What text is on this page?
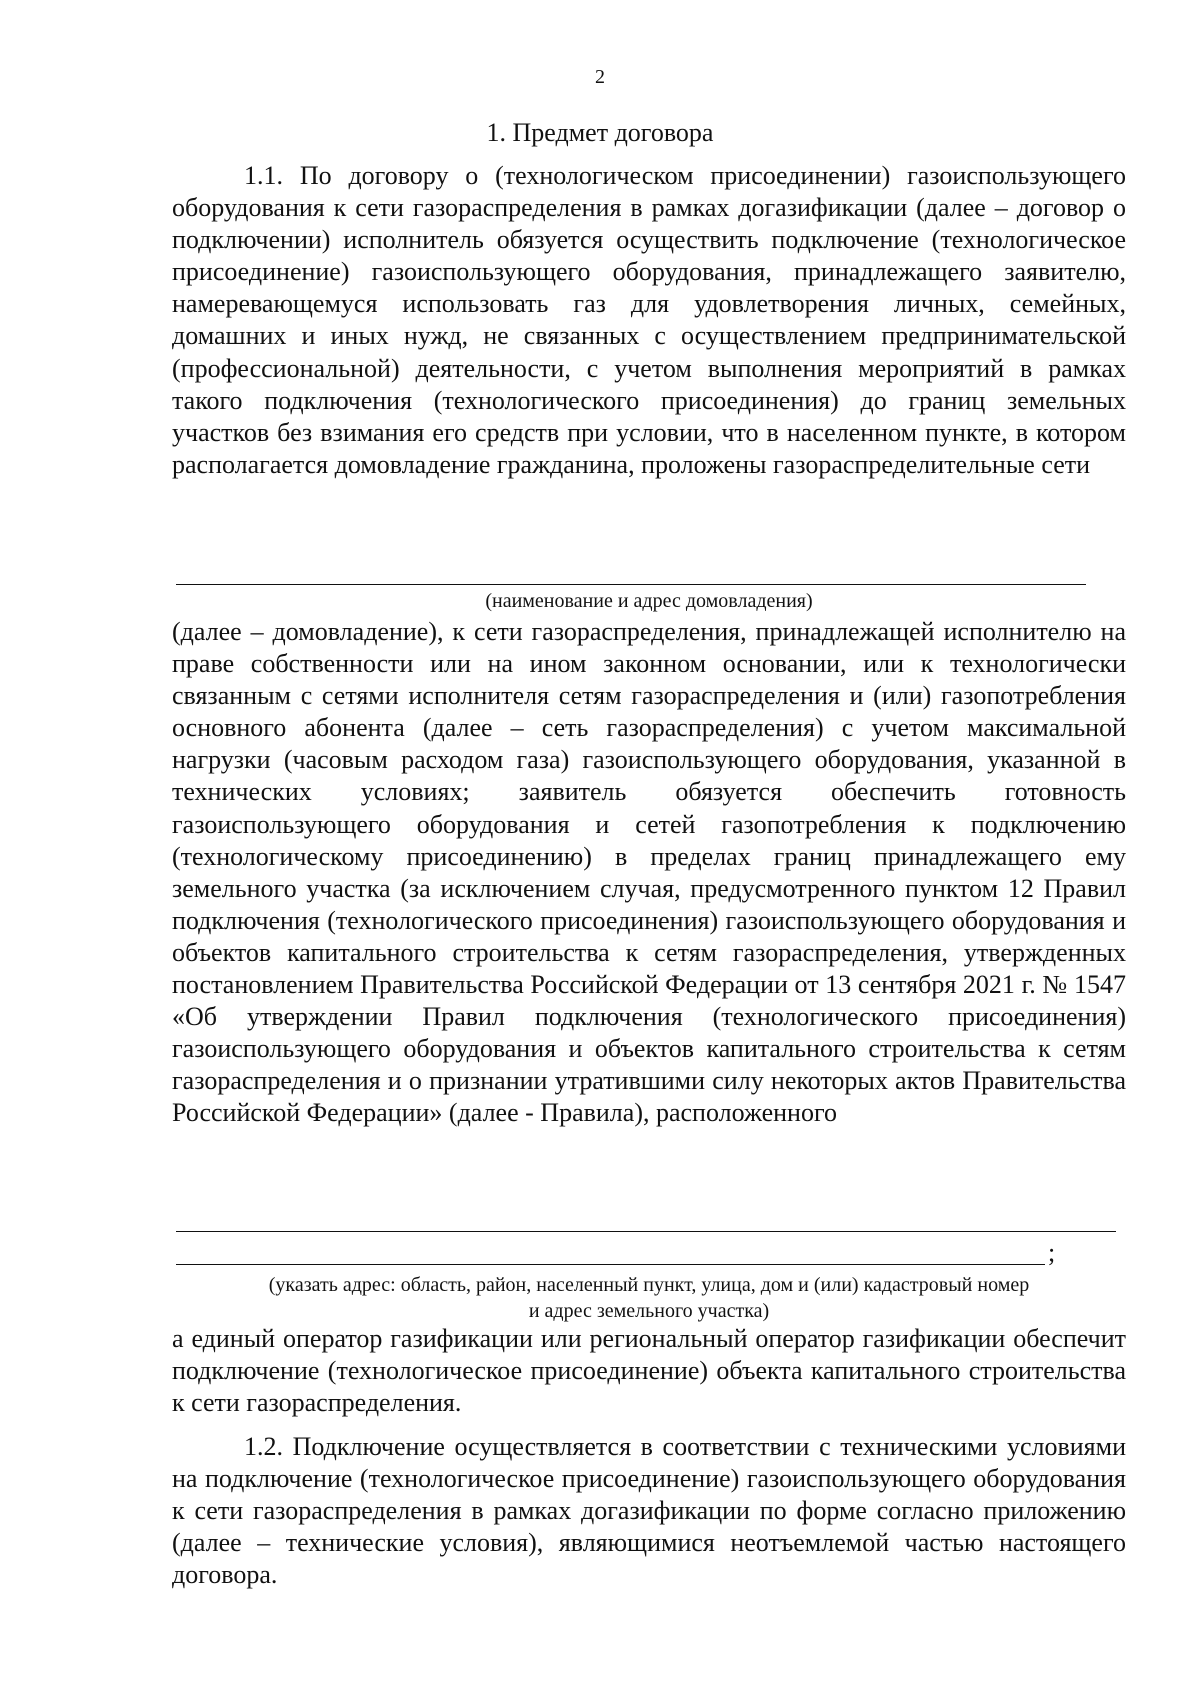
2
1. Предмет договора
1.1. По договору о (технологическом присоединении) газоиспользующего оборудования к сети газораспределения в рамках догазификации (далее – договор о подключении) исполнитель обязуется осуществить подключение (технологическое присоединение) газоиспользующего оборудования, принадлежащего заявителю, намеревающемуся использовать газ для удовлетворения личных, семейных, домашних и иных нужд, не связанных с осуществлением предпринимательской (профессиональной) деятельности, с учетом выполнения мероприятий в рамках такого подключения (технологического присоединения) до границ земельных участков без взимания его средств при условии, что в населенном пункте, в котором располагается домовладение гражданина, проложены газораспределительные сети
(наименование и адрес домовладения)
(далее – домовладение), к сети газораспределения, принадлежащей исполнителю на праве собственности или на ином законном основании, или к технологически связанным с сетями исполнителя сетям газораспределения и (или) газопотребления основного абонента (далее – сеть газораспределения) с учетом максимальной нагрузки (часовым расходом газа) газоиспользующего оборудования, указанной в технических условиях; заявитель обязуется обеспечить готовность газоиспользующего оборудования и сетей газопотребления к подключению (технологическому присоединению) в пределах границ принадлежащего ему земельного участка (за исключением случая, предусмотренного пунктом 12 Правил подключения (технологического присоединения) газоиспользующего оборудования и объектов капитального строительства к сетям газораспределения, утвержденных постановлением Правительства Российской Федерации от 13 сентября 2021 г. № 1547 «Об утверждении Правил подключения (технологического присоединения) газоиспользующего оборудования и объектов капитального строительства к сетям газораспределения и о признании утратившими силу некоторых актов Правительства Российской Федерации» (далее - Правила), расположенного
;
(указать адрес: область, район, населенный пункт, улица, дом и (или) кадастровый номер
и адрес земельного участка)
а единый оператор газификации или региональный оператор газификации обеспечит подключение (технологическое присоединение) объекта капитального строительства к сети газораспределения.
1.2. Подключение осуществляется в соответствии с техническими условиями на подключение (технологическое присоединение) газоиспользующего оборудования к сети газораспределения в рамках догазификации по форме согласно приложению (далее – технические условия), являющимися неотъемлемой частью настоящего договора.
